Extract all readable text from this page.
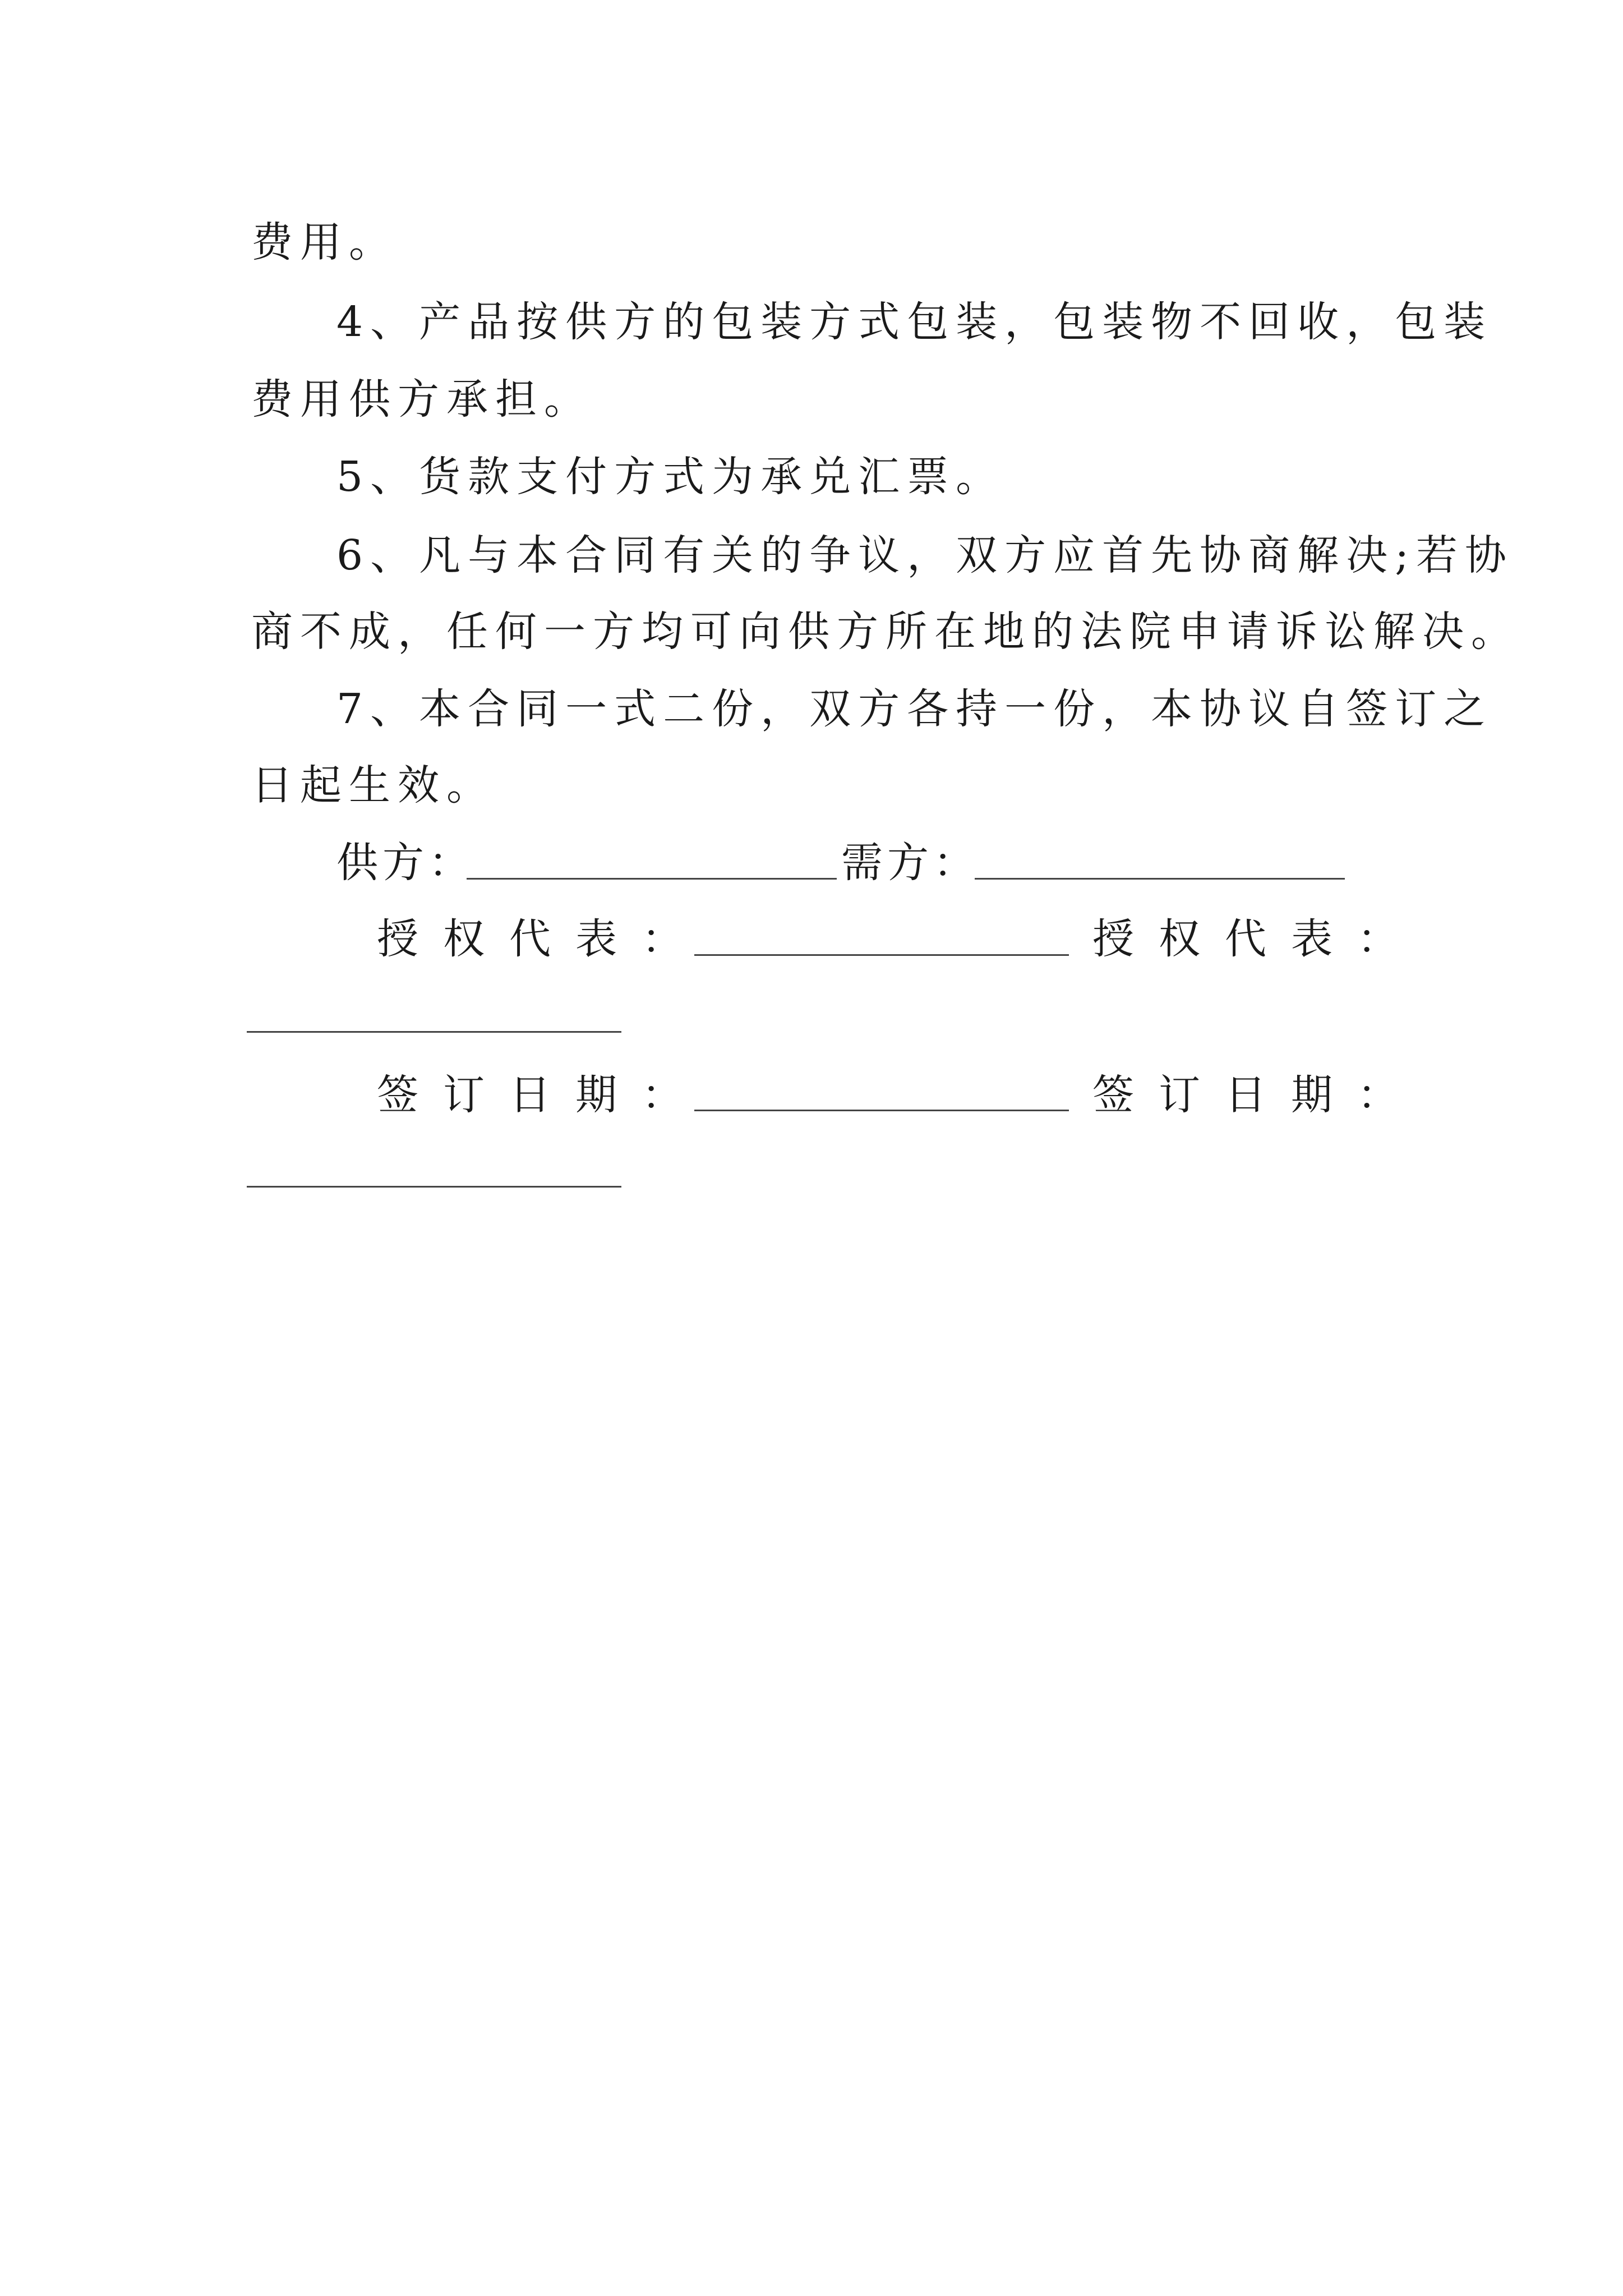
费用。
4、产品按供方的包装方式包装，包装物不回收，包装
费用供方承担。
5、货款支付方式为承兑汇票。
6、凡与本合同有关的争议，双方应首先协商解决;若协
商不成，任何一方均可向供方所在地的法院申请诉讼解决。
7、本合同一式二份，双方各持一份，本协议自签订之
日起生效。
供方：	需方：
授权代表：	授权代表：
签订日期：	签订日期：
